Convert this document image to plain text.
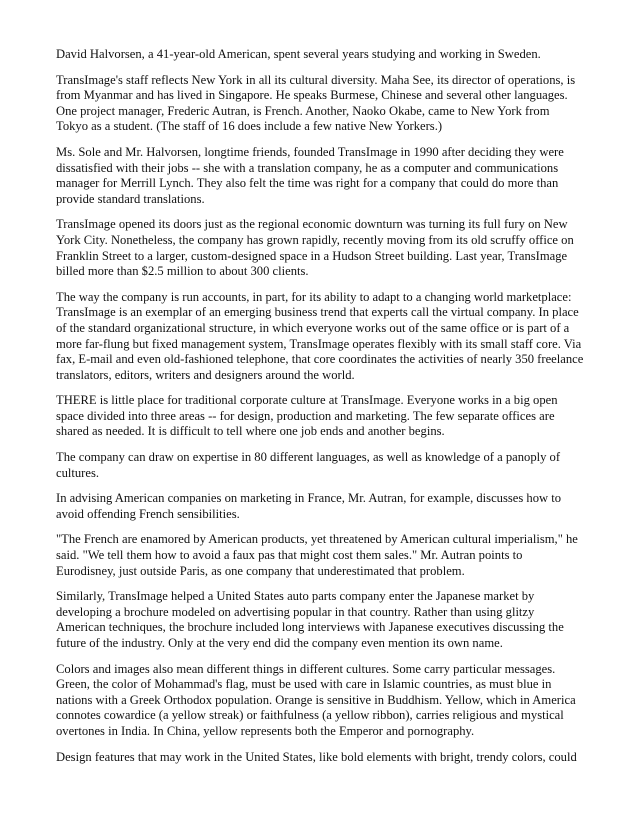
David Halvorsen, a 41-year-old American, spent several years studying and working in Sweden.

TransImage's staff reflects New York in all its cultural diversity. Maha See, its director of operations, is from Myanmar and has lived in Singapore. He speaks Burmese, Chinese and several other languages. One project manager, Frederic Autran, is French. Another, Naoko Okabe, came to New York from Tokyo as a student. (The staff of 16 does include a few native New Yorkers.)

Ms. Sole and Mr. Halvorsen, longtime friends, founded TransImage in 1990 after deciding they were dissatisfied with their jobs -- she with a translation company, he as a computer and communications manager for Merrill Lynch. They also felt the time was right for a company that could do more than provide standard translations.

TransImage opened its doors just as the regional economic downturn was turning its full fury on New York City. Nonetheless, the company has grown rapidly, recently moving from its old scruffy office on Franklin Street to a larger, custom-designed space in a Hudson Street building. Last year, TransImage billed more than $2.5 million to about 300 clients.

The way the company is run accounts, in part, for its ability to adapt to a changing world marketplace: TransImage is an exemplar of an emerging business trend that experts call the virtual company. In place of the standard organizational structure, in which everyone works out of the same office or is part of a more far-flung but fixed management system, TransImage operates flexibly with its small staff core. Via fax, E-mail and even old-fashioned telephone, that core coordinates the activities of nearly 350 freelance translators, editors, writers and designers around the world.

THERE is little place for traditional corporate culture at TransImage. Everyone works in a big open space divided into three areas -- for design, production and marketing. The few separate offices are shared as needed. It is difficult to tell where one job ends and another begins.

The company can draw on expertise in 80 different languages, as well as knowledge of a panoply of cultures.

In advising American companies on marketing in France, Mr. Autran, for example, discusses how to avoid offending French sensibilities.

"The French are enamored by American products, yet threatened by American cultural imperialism," he said. "We tell them how to avoid a faux pas that might cost them sales." Mr. Autran points to Eurodisney, just outside Paris, as one company that underestimated that problem.

Similarly, TransImage helped a United States auto parts company enter the Japanese market by developing a brochure modeled on advertising popular in that country. Rather than using glitzy American techniques, the brochure included long interviews with Japanese executives discussing the future of the industry. Only at the very end did the company even mention its own name.

Colors and images also mean different things in different cultures. Some carry particular messages. Green, the color of Mohammad's flag, must be used with care in Islamic countries, as must blue in nations with a Greek Orthodox population. Orange is sensitive in Buddhism. Yellow, which in America connotes cowardice (a yellow streak) or faithfulness (a yellow ribbon), carries religious and mystical overtones in India. In China, yellow represents both the Emperor and pornography.

Design features that may work in the United States, like bold elements with bright, trendy colors, could
